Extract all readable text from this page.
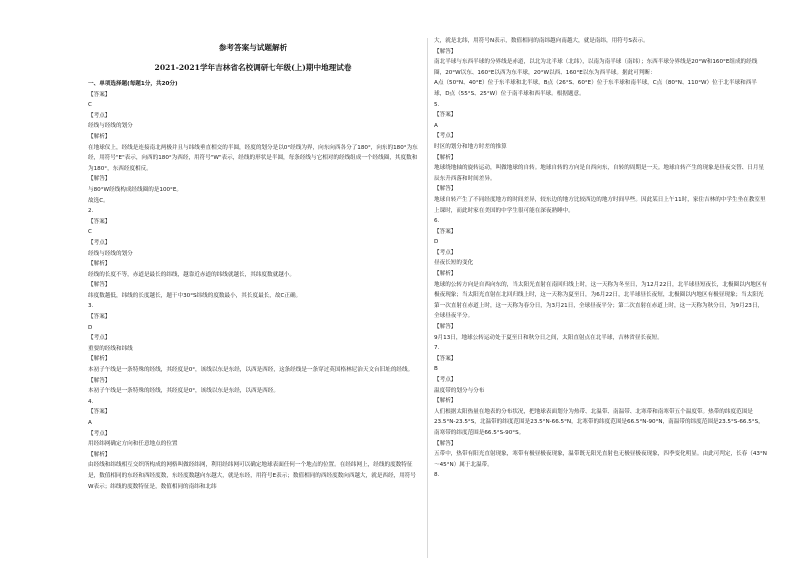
参考答案与试题解析
2021-2021学年吉林省名校调研七年级(上)期中地理试卷
一、单项选择题(每题1分，共20分)
【答案】
C
【考点】
经线与经线的划分
【解析】
在地球仪上，经线是连接南北两极并且与纬线垂直相交的半圆，经度的划分是以0°经线为界，向东向西各分了180°，向东的180°为东经，用符号"E"表示，向西的180°为西经，用符号"W"表示，经线的形状是半圆，每条经线与它相对的经线组成一个经线圈，其度数和为180°，东西经度相反。
【解答】
与80°W经线构成经线圈的是100°E。
故选C。
2.
【答案】
C
【考点】
经线与经线的划分
【解析】
经线的长度不等，赤道是最长的纬线，越靠近赤道的纬线就越长，其纬度数就越小。
【解答】
纬度数越低，纬线的长度越长，题干中30°S纬线的度数最小，其长度最长，故C正确。
3.
【答案】
D
【考点】
重要的经线和纬线
【解析】
本初子午线是一条特殊的经线，其经度是0°，该线以东是东经，以西是西经，这条经线是一条穿过英国格林尼治天文台旧址的经线。
【解答】
本初子午线是一条特殊的经线，其经度是0°，该线以东是东经，以西是西经。
4.
【答案】
A
【考点】
用经纬网确定方向和任意地点的位置
【解析】
由经线和纬线相互交织所构成的网格叫做经纬网，利用经纬网可以确定地球表面任何一个地点的位置。在经纬网上，经线的度数特征是，数值相同的东经和西经度数，东经度数越向东越大，就是东经，用符号E表示；数值相同的西经度数向西越大，就是西经，用符号W表示；纬线的度数特征是，数值相同的南纬和北纬
大，就是北纬，用符号N表示，数值相同的南纬越向南越大，就是南纬，用符号S表示。
【解答】
南北半球与东西半球的分界线是赤道，以北为北半球（北纬），以南为南半球（南纬）；东西半球分界线是20°W和160°E组成的经线圈，20°W以东、160°E以西为东半球，20°W以西、160°E以东为西半球。据此可判断：
A点（50°N、40°E）位于东半球和北半球，B点（26°S、60°E）位于东半球和南半球，C点（80°N、110°W）位于北半球和西半球，D点（55°S、25°W）位于南半球和西半球。根据题意。
5.
【答案】
A
【考点】
时区的划分和地方时差的推算
【解析】
地球绕地轴的旋转运动，叫做地球的自转。地球自转的方向是自西向东，自转的周期是一天。地球自转产生的现象是昼夜交替、日月星辰东升西落和时间差异。
【解答】
地球自转产生了不同经度地方的时间差异，较东边的地方比较西边的地方时间早些。因此某日上午11时，家住吉林的中学生坐在教室里上课时，而此时家在美国的中学生很可能在深夜熟睡中。
6.
【答案】
D
【考点】
昼夜长短的变化
【解析】
地球的公转方向是自西向东的，当太阳光直射在南回归线上时，这一天称为冬至日，为12月22日，北半球昼短夜长，北极圈以内地区有极夜现象；当太阳光直射在北回归线上时，这一天称为夏至日，为6月22日，北半球昼长夜短，北极圈以内地区有极昼现象；当太阳光第一次直射在赤道上时，这一天称为春分日，为3月21日，全球昼夜平分；第二次直射在赤道上时，这一天称为秋分日，为9月23日，全球昼夜平分。
【解答】
9月13日，地球公转运动处于夏至日和秋分日之间，太阳直射点在北半球，吉林省昼长夜短。
7.
【答案】
B
【考点】
温度带的划分与分布
【解析】
人们根据太阳热量在地表的分布状况，把地球表面划分为热带、北温带、南温带、北寒带和南寒带五个温度带。热带的纬度范围是23.5°N-23.5°S，北温带的纬度范围是23.5°N-66.5°N，北寒带的纬度范围是66.5°N-90°N，南温带的纬度范围是23.5°S-66.5°S，南寒带的纬度范围是66.5°S-90°S。
【解答】
五带中，热带有阳光直射现象，寒带有极昼极夜现象，温带既无阳光直射也无极昼极夜现象，四季变化明显。由此可判定，长春（43°N～45°N）属于北温带。
8.
